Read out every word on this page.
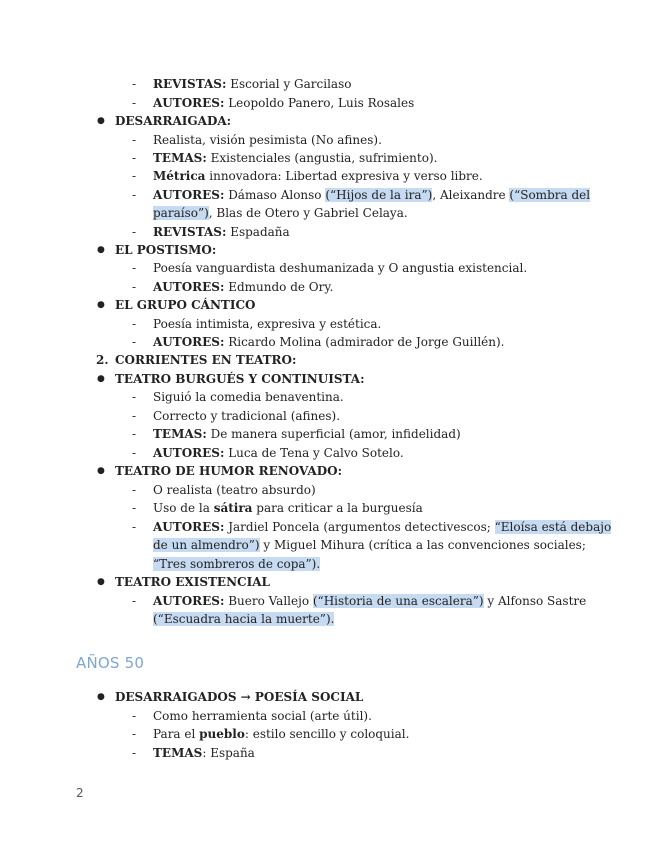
- REVISTAS: Escorial y Garcilaso
- AUTORES: Leopoldo Panero, Luis Rosales
● DESARRAIGADA:
- Realista, visión pesimista (No afines).
- TEMAS: Existenciales (angustia, sufrimiento).
- Métrica innovadora: Libertad expresiva y verso libre.
- AUTORES: Dámaso Alonso (“Hijos de la ira”), Aleixandre (“Sombra del
paraíso”), Blas de Otero y Gabriel Celaya.
- REVISTAS: Espadaña
● EL POSTISMO:
- Poesía vanguardista deshumanizada y O angustia existencial.
- AUTORES: Edmundo de Ory.
● EL GRUPO CÁNTICO
- Poesía intimista, expresiva y estética.
- AUTORES: Ricardo Molina (admirador de Jorge Guillén).
2. CORRIENTES EN TEATRO:
● TEATRO BURGUÉS Y CONTINUISTA:
- Siguió la comedia benaventina.
- Correcto y tradicional (afines).
- TEMAS: De manera superficial (amor, infidelidad)
- AUTORES: Luca de Tena y Calvo Sotelo.
● TEATRO DE HUMOR RENOVADO:
- O realista (teatro absurdo)
- Uso de la sátira para criticar a la burguesía
- AUTORES: Jardiel Poncela (argumentos detectivescos; “Eloísa está debajo
de un almendro”) y Miguel Mihura (crítica a las convenciones sociales;
“Tres sombreros de copa”).
● TEATRO EXISTENCIAL
- AUTORES: Buero Vallejo (“Historia de una escalera”) y Alfonso Sastre
(“Escuadra hacia la muerte”).
● DESARRAIGADOS → POESÍA SOCIAL
- Como herramienta social (arte útil).
- Para el pueblo: estilo sencillo y coloquial.
- TEMAS: España
AÑOS 50
2
